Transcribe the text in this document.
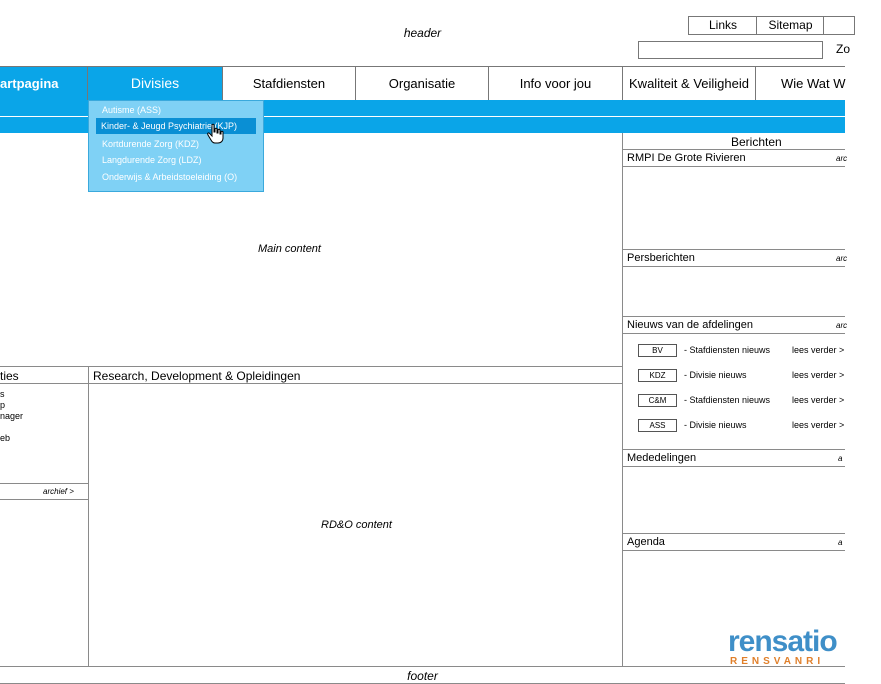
header
Links	Sitemap
Zo
artpagina	Divisies	Stafdiensten	Organisatie	Info voor jou	Kwaliteit & Veiligheid	Wie Wat W
Main content
ties
s
p
nager
eb
archief >
Research, Development & Opleidingen
RD&O content
Berichten
RMPI De Grote Rivieren	arc
Persberichten	arc
Nieuws van de afdelingen	arc
BV	- Stafdiensten nieuws lees verder >
KDZ	- Divisie nieuws	lees verder >
C&M	- Stafdiensten nieuws lees verder >
ASS	- Divisie nieuws	lees verder >
Mededelingen	a
Agenda	a
rensatio
RENSVANRI
footer
Autisme (ASS)
Kortdurende Zorg (KDZ)
Langdurende Zorg (LDZ)
Onderwijs & Arbeidstoeleiding (O)
Kinder- & Jeugd Psychiatrie (KJP)
